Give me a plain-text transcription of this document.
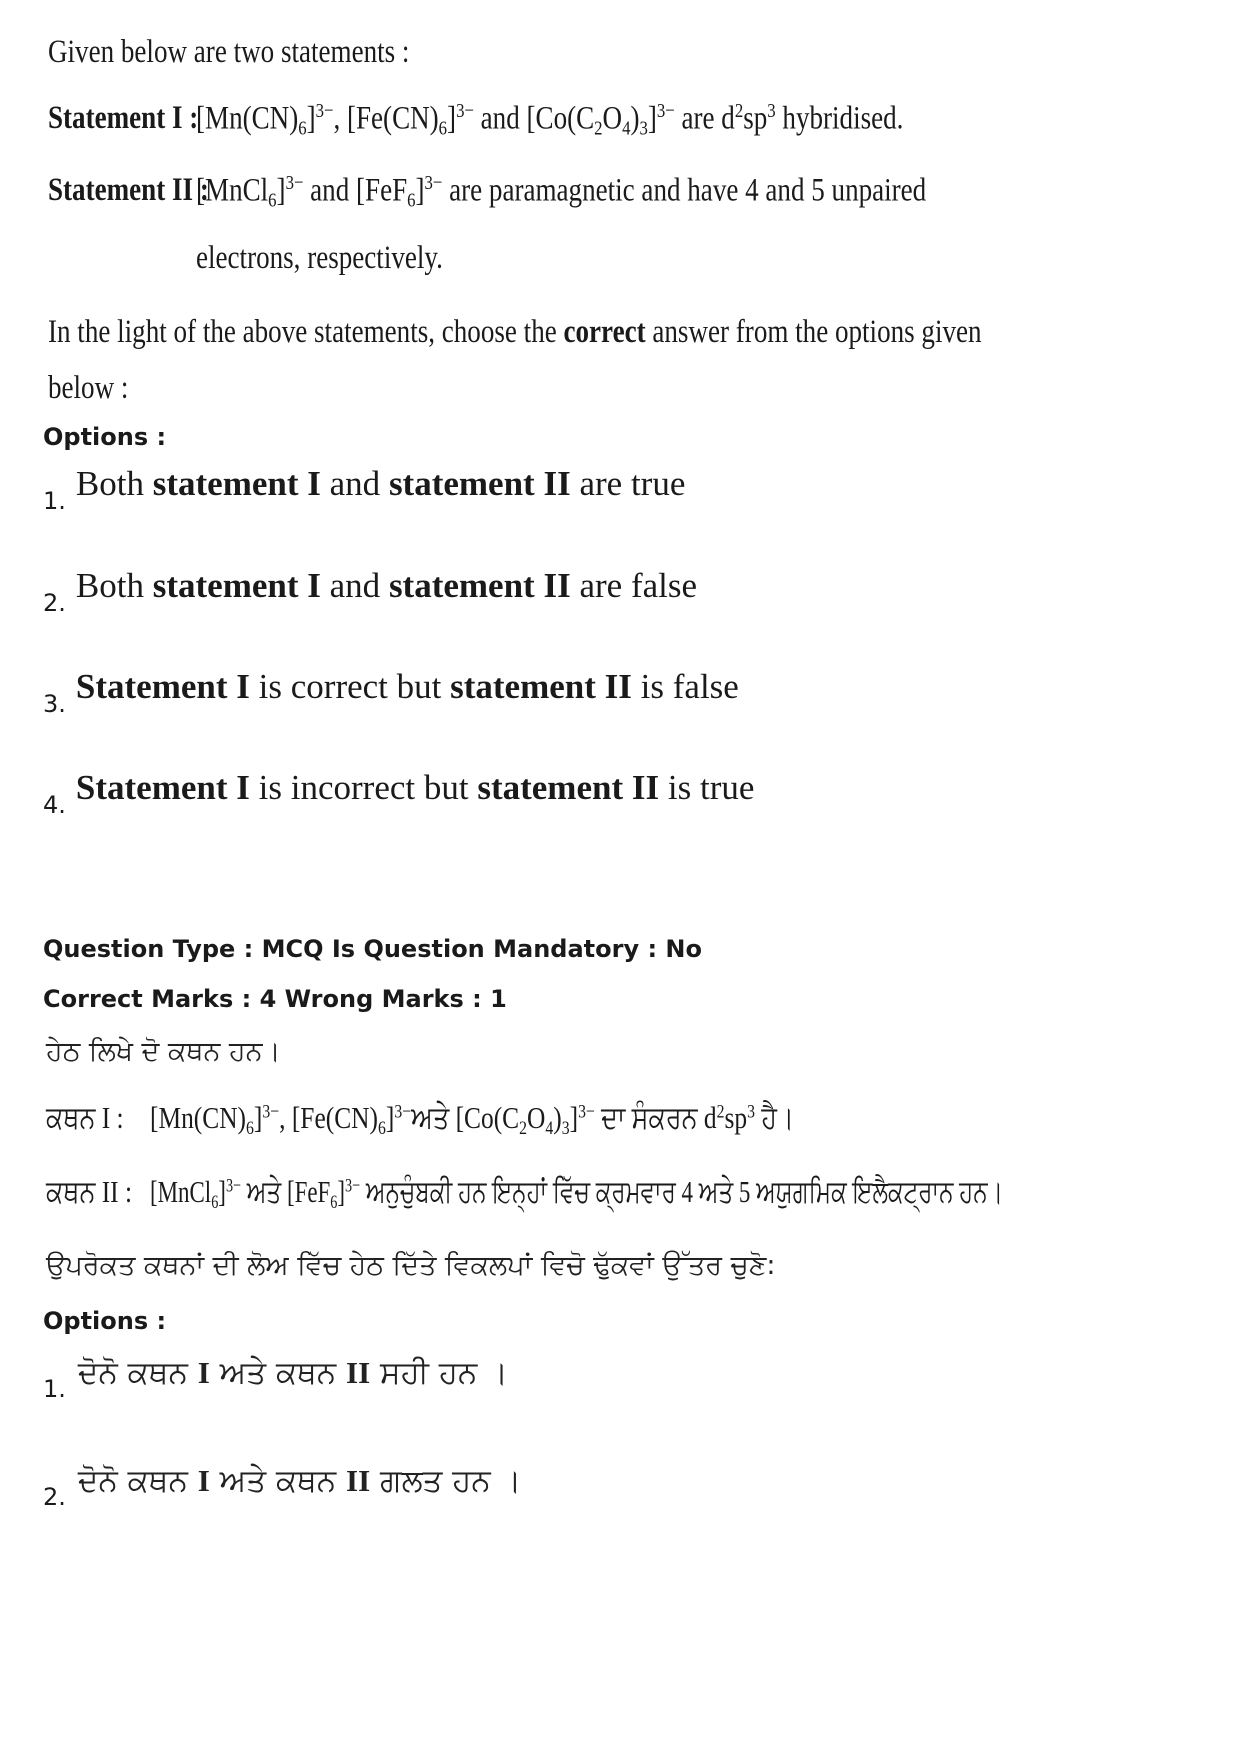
Given below are two statements :
Statement I :
$[Mn(CN)_6]^{3-}$, $[Fe(CN)_6]^{3-}$ and $[Co(C_2O_4)_3]^{3-}$ are $d^2sp^3$ hybridised.
Statement II :
[MnCl$_6$]$^{3-}$ and $[FeF_6]^{3-}$ are paramagnetic and have 4 and 5 unpaired
electrons, respectively.
In the light of the above statements, choose the correct answer from the options given
below :
Options :
1. Both statement I and statement II are true
2. Both statement I and statement II are false
3. Statement I is correct but statement II is false
4. Statement I is incorrect but statement II is true
Question Type : MCQ Is Question Mandatory : No
Correct Marks : 4 Wrong Marks : 1
ਹੇਠ ਲਿਖੇ ਦੋ ਕਥਨ ਹਨ।
ਕਥਨ I : $[Mn(CN)_6]^{3-}$, $[Fe(CN)_6]^{3-}ਅਤੇ$ $[Co(C_2O_4)_3]^{3-}$ ਦਾ ਸੰਕਰਨ $d^2sp^3$ ਹੈ।
ਕਥਨ II : [MnCl$_6$]$^{3-}$ ਅਤੇ $[FeF_6]^{3-}$ ਅਨੁਚੁੰਬਕੀ ਹਨ ਇਨ੍ਹਾਂ ਵਿੱਚ ਕ੍ਰਮਵਾਰ 4 ਅਤੇ 5 ਅਯੁਗਮਿਕ ਇਲੈਕਟ੍ਰਾਨ ਹਨ।
ਉਪਰੋਕਤ ਕਥਨਾਂ ਦੀ ਲੋਅ ਵਿੱਚ ਹੇਠ ਦਿੱਤੇ ਵਿਕਲਪਾਂ ਵਿਚੋ ਢੁੱਕਵਾਂ ਉੱਤਰ ਚੁਣੋ:
Options :
1. ਦੋਨੋ ਕਥਨ I ਅਤੇ ਕਥਨ II ਸਹੀ ਹਨ ।
2. ਦੋਨੋ ਕਥਨ I ਅਤੇ ਕਥਨ II ਗਲਤ ਹਨ ।
